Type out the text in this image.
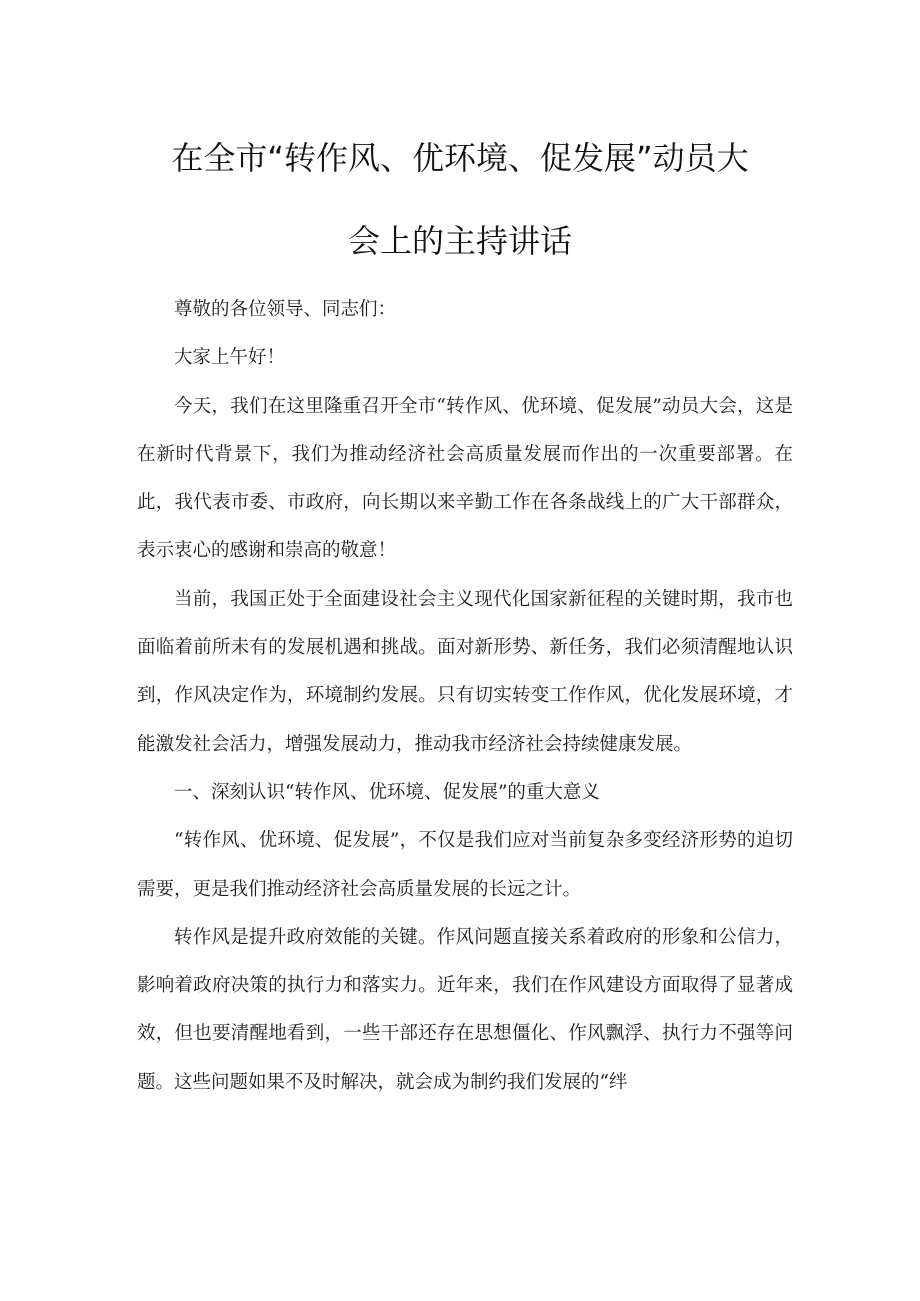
在全市“转作风、优环境、促发展”动员大
会上的主持讲话

尊敬的各位领导、同志们：

大家上午好！

今天，我们在这里隆重召开全市“转作风、优环境、促发展”动员大会，这是在新时代背景下，我们为推动经济社会高质量发展而作出的一次重要部署。在此，我代表市委、市政府，向长期以来辛勤工作在各条战线上的广大干部群众，表示衷心的感谢和崇高的敬意！

当前，我国正处于全面建设社会主义现代化国家新征程的关键时期，我市也面临着前所未有的发展机遇和挑战。面对新形势、新任务，我们必须清醒地认识到，作风决定作为，环境制约发展。只有切实转变工作作风，优化发展环境，才能激发社会活力，增强发展动力，推动我市经济社会持续健康发展。

一、深刻认识“转作风、优环境、促发展”的重大意义

“转作风、优环境、促发展”，不仅是我们应对当前复杂多变经济形势的迫切需要，更是我们推动经济社会高质量发展的长远之计。

转作风是提升政府效能的关键。作风问题直接关系着政府的形象和公信力，影响着政府决策的执行力和落实力。近年来，我们在作风建设方面取得了显著成效，但也要清醒地看到，一些干部还存在思想僵化、作风飘浮、执行力不强等问题。这些问题如果不及时解决，就会成为制约我们发展的“绊
